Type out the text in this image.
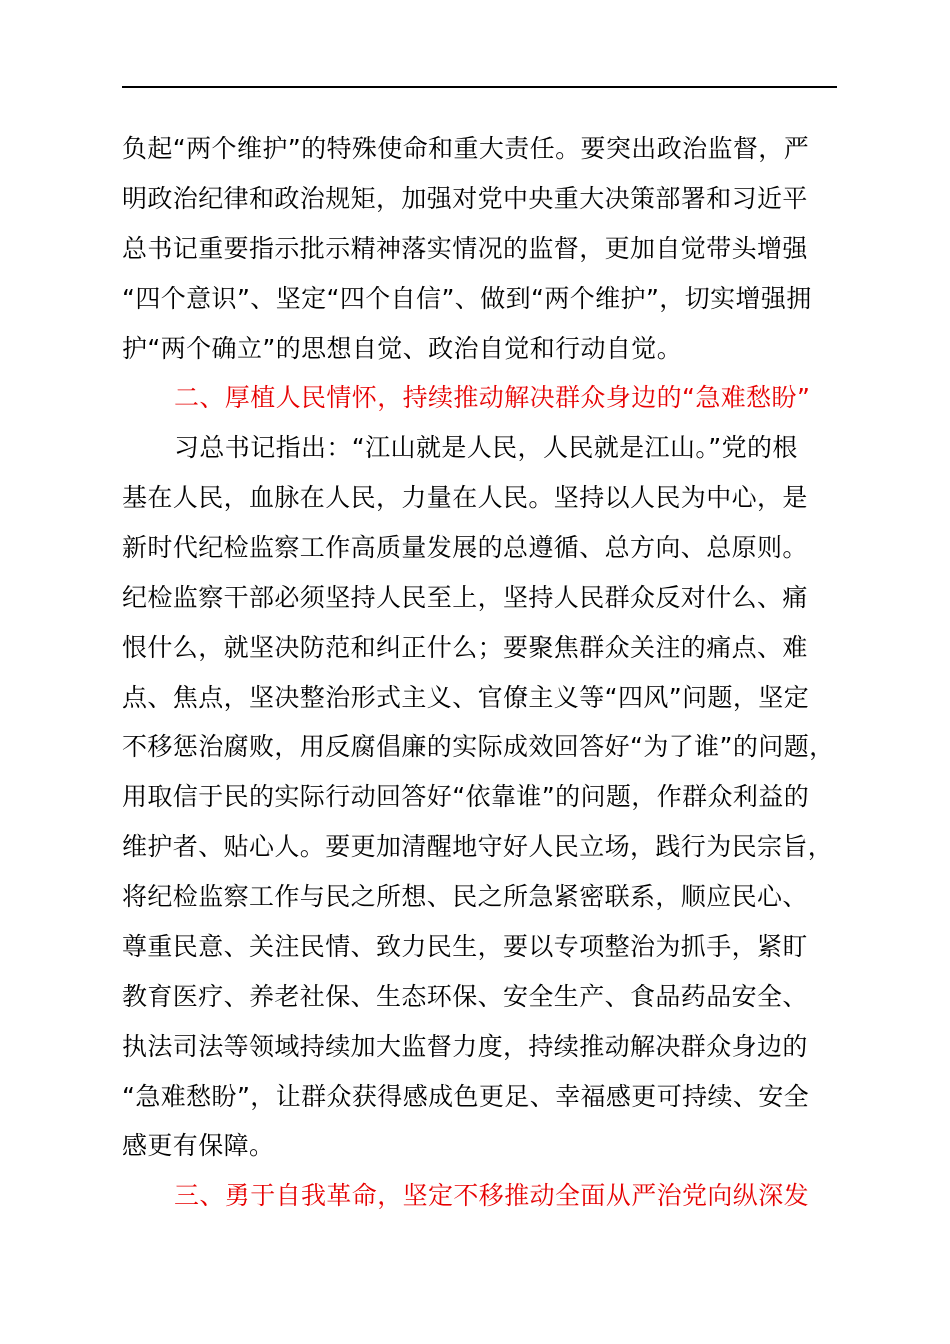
负起“两个维护”的特殊使命和重大责任。要突出政治监督，严
明政治纪律和政治规矩，加强对党中央重大决策部署和习近平
总书记重要指示批示精神落实情况的监督，更加自觉带头增强
“四个意识”、坚定“四个自信”、做到“两个维护”，切实增强拥
护“两个确立”的思想自觉、政治自觉和行动自觉。
二、厚植人民情怀，持续推动解决群众身边的“急难愁盼”
习总书记指出：“江山就是人民，人民就是江山。”党的根
基在人民，血脉在人民，力量在人民。坚持以人民为中心，是
新时代纪检监察工作高质量发展的总遵循、总方向、总原则。
纪检监察干部必须坚持人民至上，坚持人民群众反对什么、痛
恨什么，就坚决防范和纠正什么；要聚焦群众关注的痛点、难
点、焦点，坚决整治形式主义、官僚主义等“四风”问题，坚定
不移惩治腐败，用反腐倡廉的实际成效回答好“为了谁”的问题，
用取信于民的实际行动回答好“依靠谁”的问题，作群众利益的
维护者、贴心人。要更加清醒地守好人民立场，践行为民宗旨，
将纪检监察工作与民之所想、民之所急紧密联系，顺应民心、
尊重民意、关注民情、致力民生，要以专项整治为抓手，紧盯
教育医疗、养老社保、生态环保、安全生产、食品药品安全、
执法司法等领域持续加大监督力度，持续推动解决群众身边的
“急难愁盼”，让群众获得感成色更足、幸福感更可持续、安全
感更有保障。
三、勇于自我革命，坚定不移推动全面从严治党向纵深发
